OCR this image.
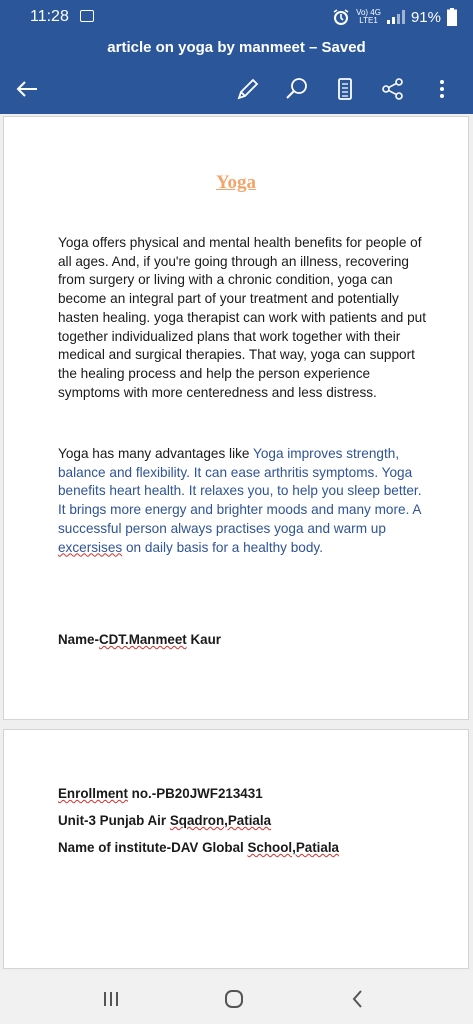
11:28	Vo) 4G
LTE1 91%
article on yoga by manmeet – Saved
Yoga
Yoga offers physical and mental health benefits for people of all ages. And, if you're going through an illness, recovering from surgery or living with a chronic condition, yoga can become an integral part of your treatment and potentially hasten healing. yoga therapist can work with patients and put together individualized plans that work together with their medical and surgical therapies. That way, yoga can support the healing process and help the person experience symptoms with more centeredness and less distress.
Yoga has many advantages like Yoga improves strength, balance and flexibility. It can ease arthritis symptoms. Yoga benefits heart health. It relaxes you, to help you sleep better. It brings more energy and brighter moods and many more. A successful person always practises yoga and warm up excersises on daily basis for a healthy body.
Name-CDT.Manmeet Kaur
Enrollment no.-PB20JWF213431
Unit-3 Punjab Air Sqadron,Patiala
Name of institute-DAV Global School,Patiala
